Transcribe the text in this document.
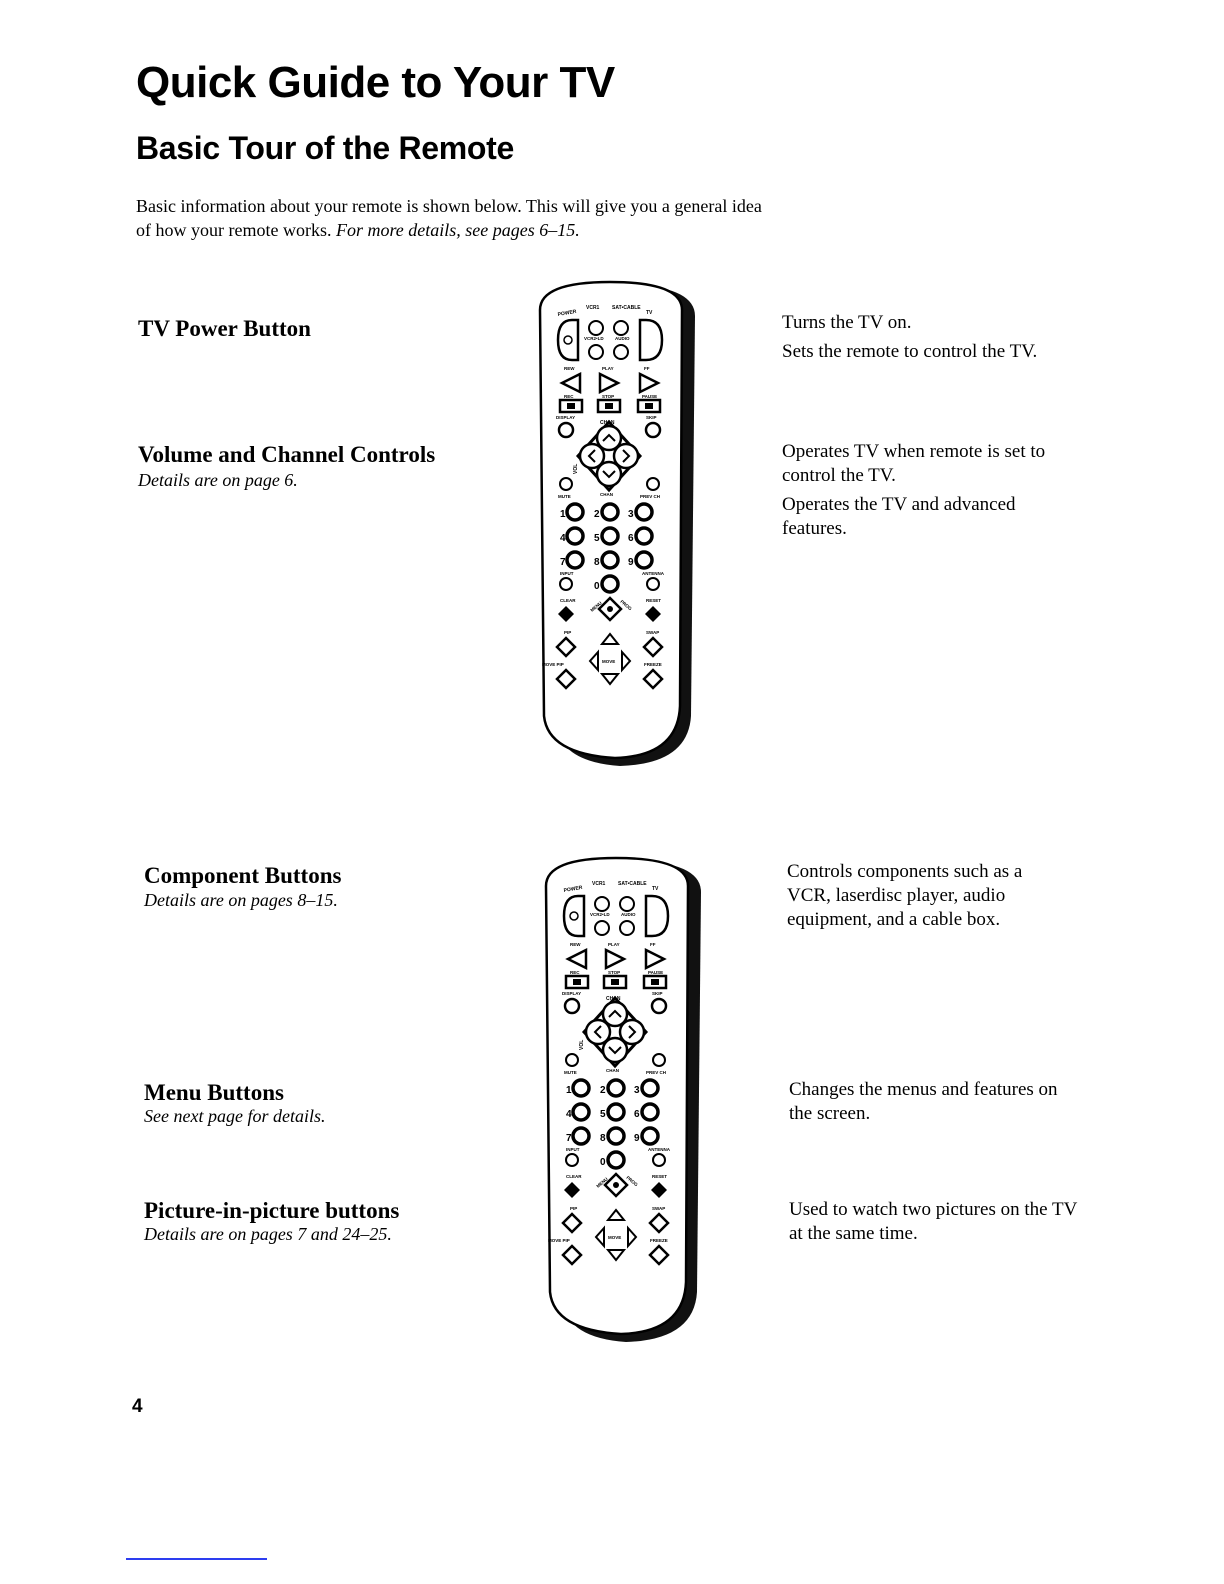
Quick Guide to Your TV
Basic Tour of the Remote
Basic information about your remote is shown below. This will give you a general idea of how your remote works. For more details, see pages 6–15.
TV Power Button	Turns the TV on.
Sets the remote to control the TV.
Volume and Channel Controls
Details are on page 6.
Operates TV when remote is set to control the TV.
Operates the TV and advanced features.
Component Buttons
Details are on pages 8–15.
Controls components such as a VCR, laserdisc player, audio equipment, and a cable box.
Menu Buttons
See next page for details.
Changes the menus and features on the screen.
Picture-in-picture buttons
Details are on pages 7 and 24–25.
Used to watch two pictures on the TV at the same time.
POWER
VCR1	SAT•CABLE
TV
VCR2•LD	AUDIO
REW	PLAY	FF
REC	STOP	PAUSE
DISPLAY	SKIP
CHAN
VOL
MUTE	CHAN	PREV CH
1	2	3
4	5	6
7	8	9
INPUT
0
ANTENNA
CLEAR	MENU	PROG	RESET
PIP	SWAP
MOVE PIP
MOVE
FREEZE
POWER
VCR1	SAT•CABLE
TV
VCR2•LD	AUDIO
REW	PLAY	FF
REC	STOP	PAUSE
DISPLAY	SKIP
CHAN
VOL
MUTE	CHAN	PREV CH
1	2	3
4	5	6
7	8	9
INPUT
0
ANTENNA
CLEAR	MENU	PROG	RESET
PIP	SWAP
MOVE PIP
MOVE
FREEZE
4
